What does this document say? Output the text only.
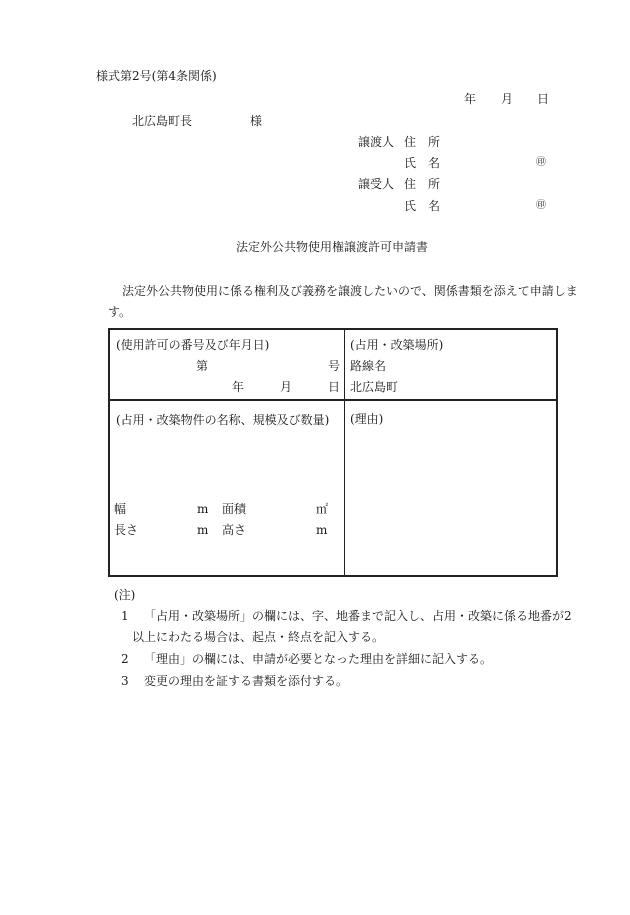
様式第2号(第4条関係)
年 月 日
北広島町長	様
譲渡人 住　所
氏　名	㊞
譲受人 住　所
氏　名	㊞
法定外公共物使用権譲渡許可申請書
法定外公共物使用に係る権利及び義務を譲渡したいので、関係書類を添えて申請しま
す。
(使用許可の番号及び年月日)
第	号
年	月	日
(占用・改築場所)
路線名
北広島町
(占用・改築物件の名称、規模及び数量)
幅	m 面積	㎡
長さ	m 高さ	m
(理由)
(注)
1 「占用・改築場所」の欄には、字、地番まで記入し、占用・改築に係る地番が2
以上にわたる場合は、起点・終点を記入する。
2 「理由」の欄には、申請が必要となった理由を詳細に記入する。
3 変更の理由を証する書類を添付する。
